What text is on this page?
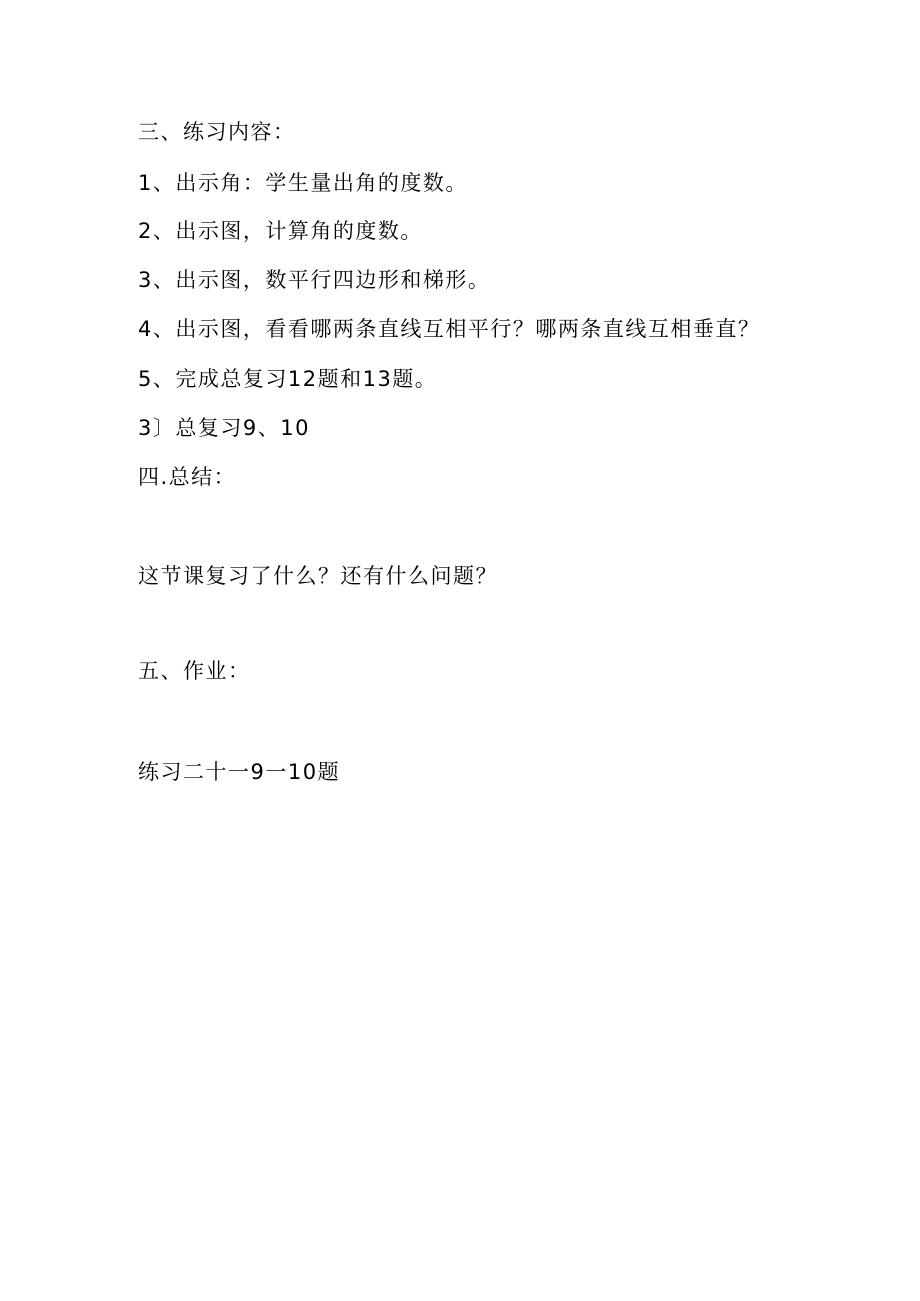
三、练习内容：
1、出示角：学生量出角的度数。
2、出示图，计算角的度数。
3、出示图，数平行四边形和梯形。
4、出示图，看看哪两条直线互相平行？哪两条直线互相垂直？
5、完成总复习12题和13题。
3〕总复习9、10
四.总结：
这节课复习了什么？还有什么问题？
五、作业：
练习二十一9一10题
